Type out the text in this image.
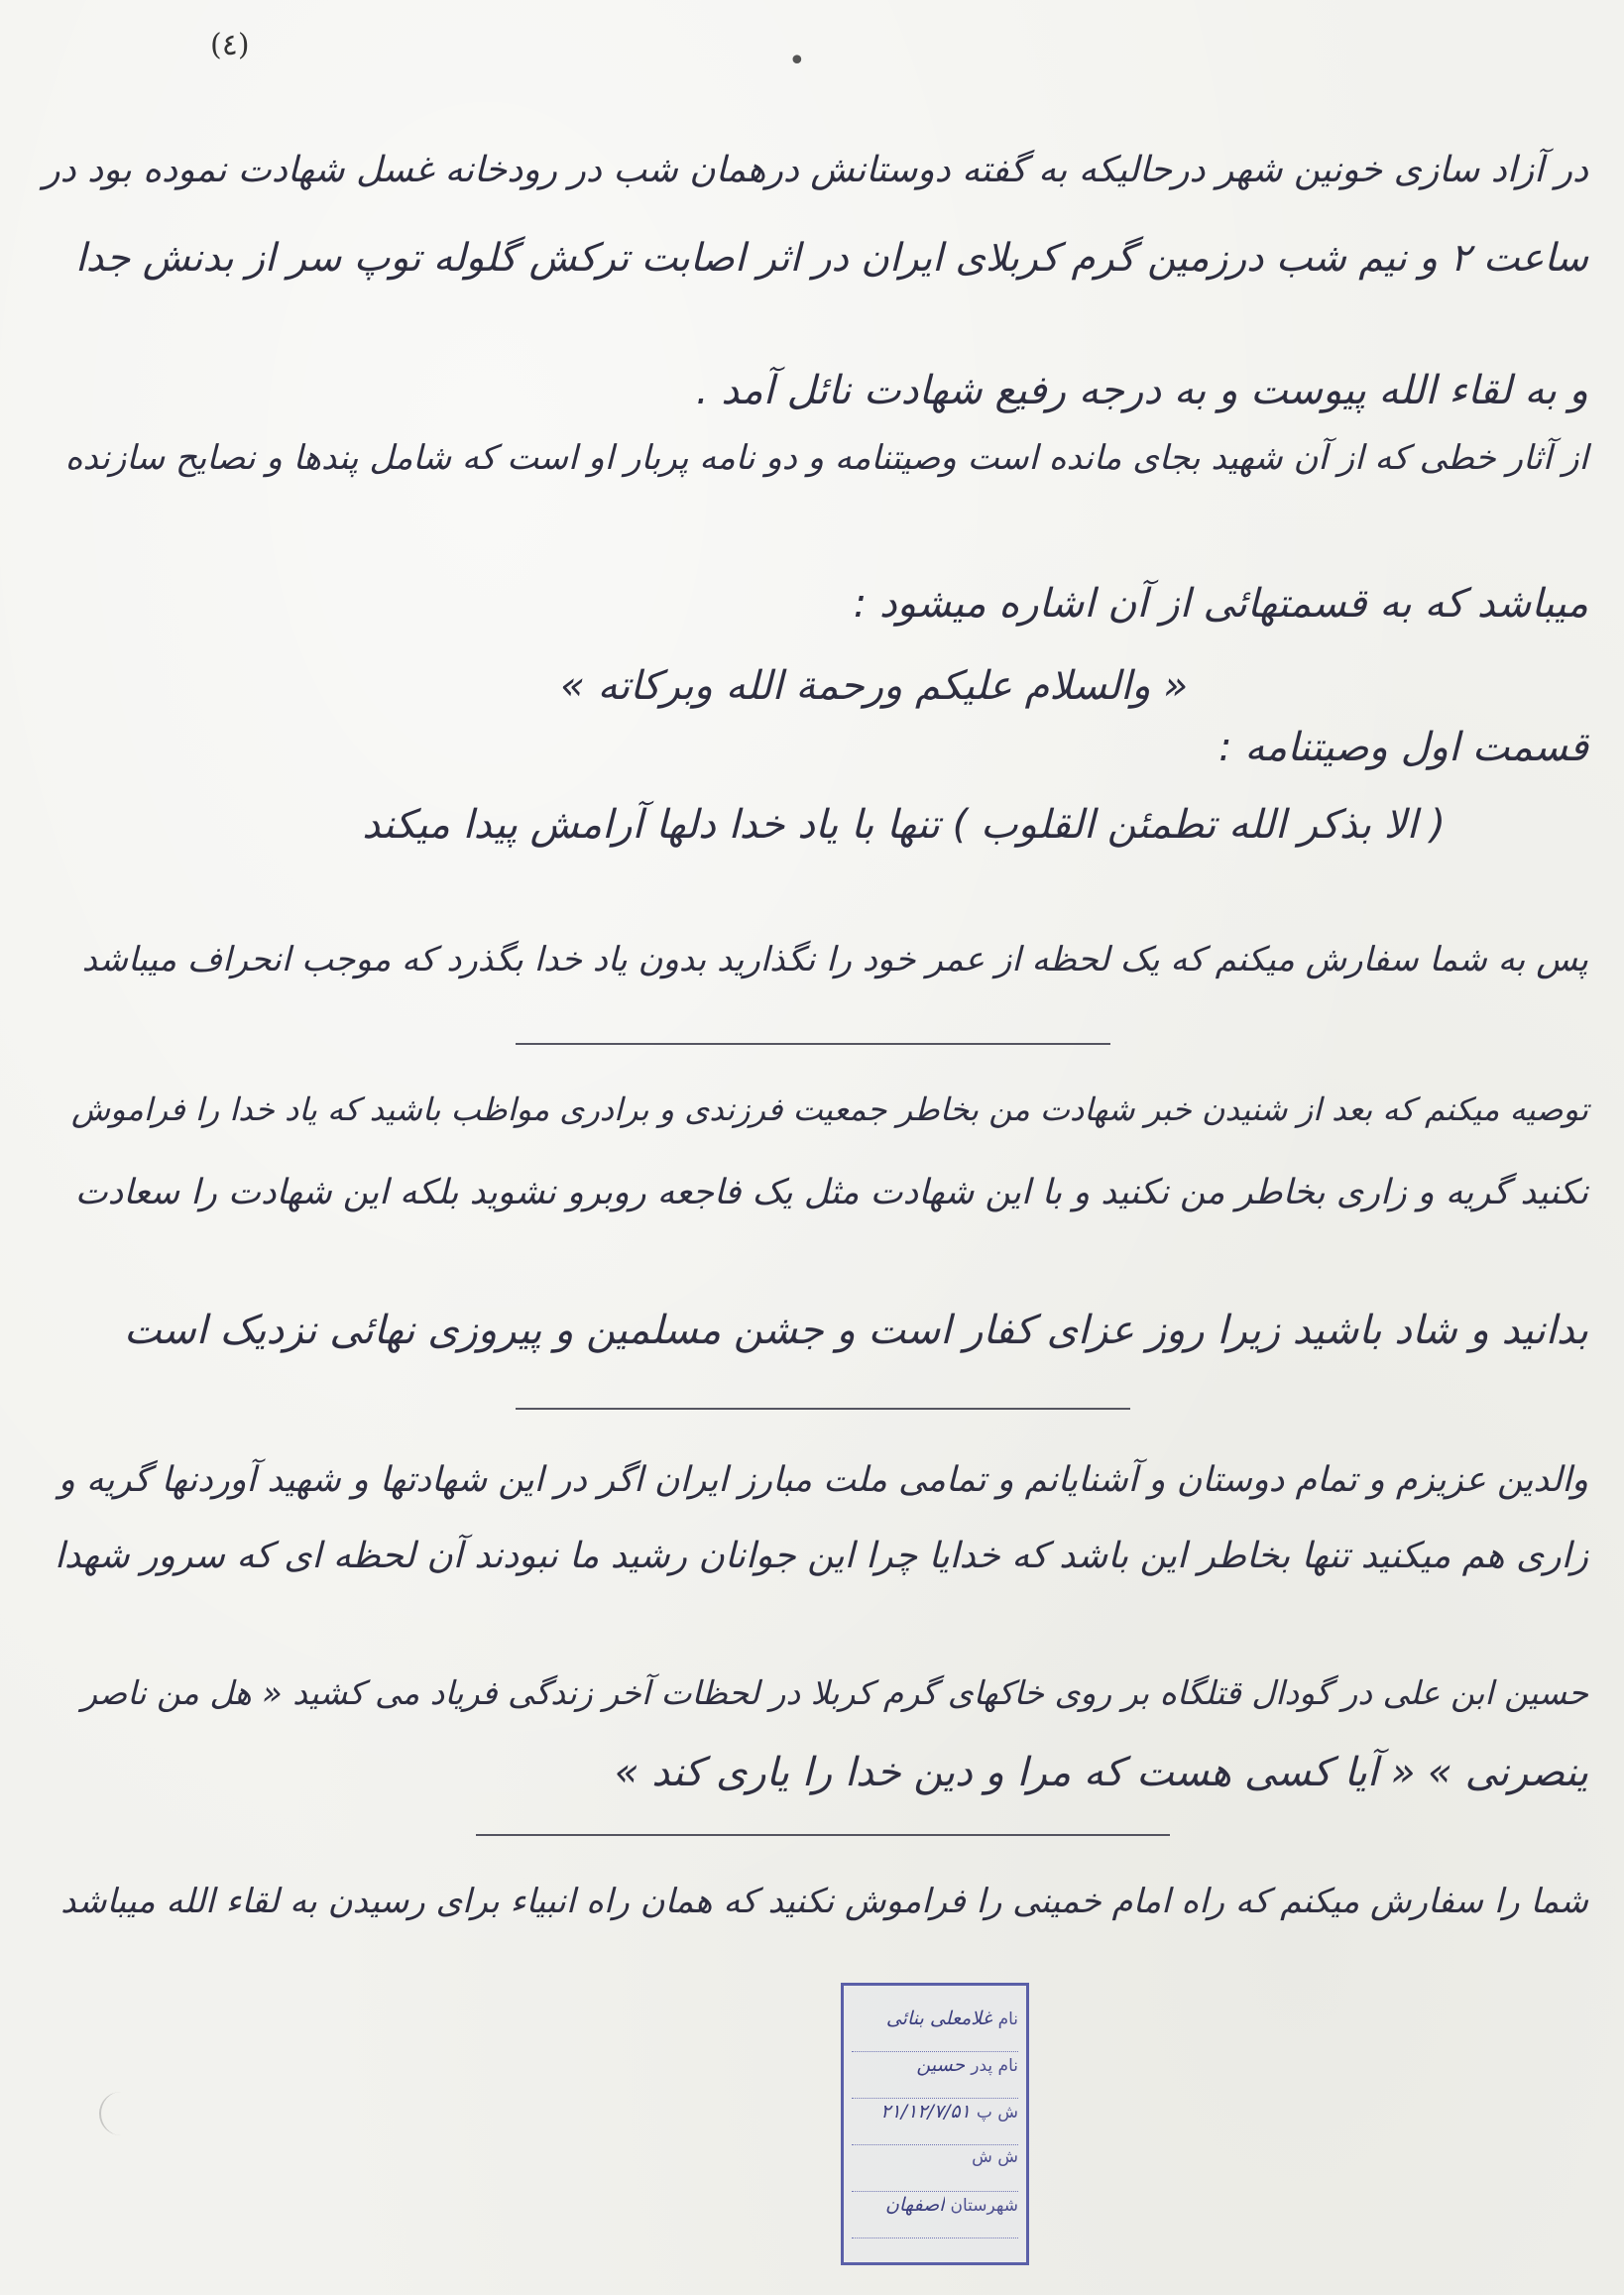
(٤)	•
در آزاد سازی خونین شهر درحالیکه به گفته دوستانش درهمان شب در رودخانه غسل شهادت نموده بود در
ساعت ۲ و نیم شب درزمین گرم کربلای ایران در اثر اصابت ترکش گلوله توپ سر از بدنش جدا
و به لقاء الله پیوست و به درجه رفیع شهادت نائل آمد .
از آثار خطی که از آن شهید بجای مانده است وصیتنامه و دو نامه پربار او است که شامل پندها و نصایح سازنده
میباشد که به قسمتهائی از آن اشاره میشود :
« والسلام علیکم ورحمة الله وبرکاته »
قسمت اول وصیتنامه :
( الا بذکر الله تطمئن القلوب ) تنها با یاد خدا دلها آرامش پیدا میکند
پس به شما سفارش میکنم که یک لحظه از عمر خود را نگذارید بدون یاد خدا بگذرد که موجب انحراف میباشد
توصیه میکنم که بعد از شنیدن خبر شهادت من بخاطر جمعیت فرزندی و برادری مواظب باشید که یاد خدا را فراموش
نکنید گریه و زاری بخاطر من نکنید و با این شهادت مثل یک فاجعه روبرو نشوید بلکه این شهادت را سعادت
بدانید و شاد باشید زیرا روز عزای کفار است و جشن مسلمین و پیروزی نهائی نزدیک است
والدین عزیزم و تمام دوستان و آشنایانم و تمامی ملت مبارز ایران اگر در این شهادتها و شهید آوردنها گریه و
زاری هم میکنید تنها بخاطر این باشد که خدایا چرا این جوانان رشید ما نبودند آن لحظه ای که سرور شهدا
حسین ابن علی در گودال قتلگاه بر روی خاکهای گرم کربلا در لحظات آخر زندگی فریاد می کشید « هل من ناصر
ینصرنی » « آیا کسی هست که مرا و دین خدا را یاری کند »
شما را سفارش میکنم که راه امام خمینی را فراموش نکنید که همان راه انبیاء برای رسیدن به لقاء الله میباشد
نام
غلامعلی بنائی
نام پدر
حسین
ش پ
۲۱/۱۲/۷/۵۱
ش ش
شهرستان
اصفهان
